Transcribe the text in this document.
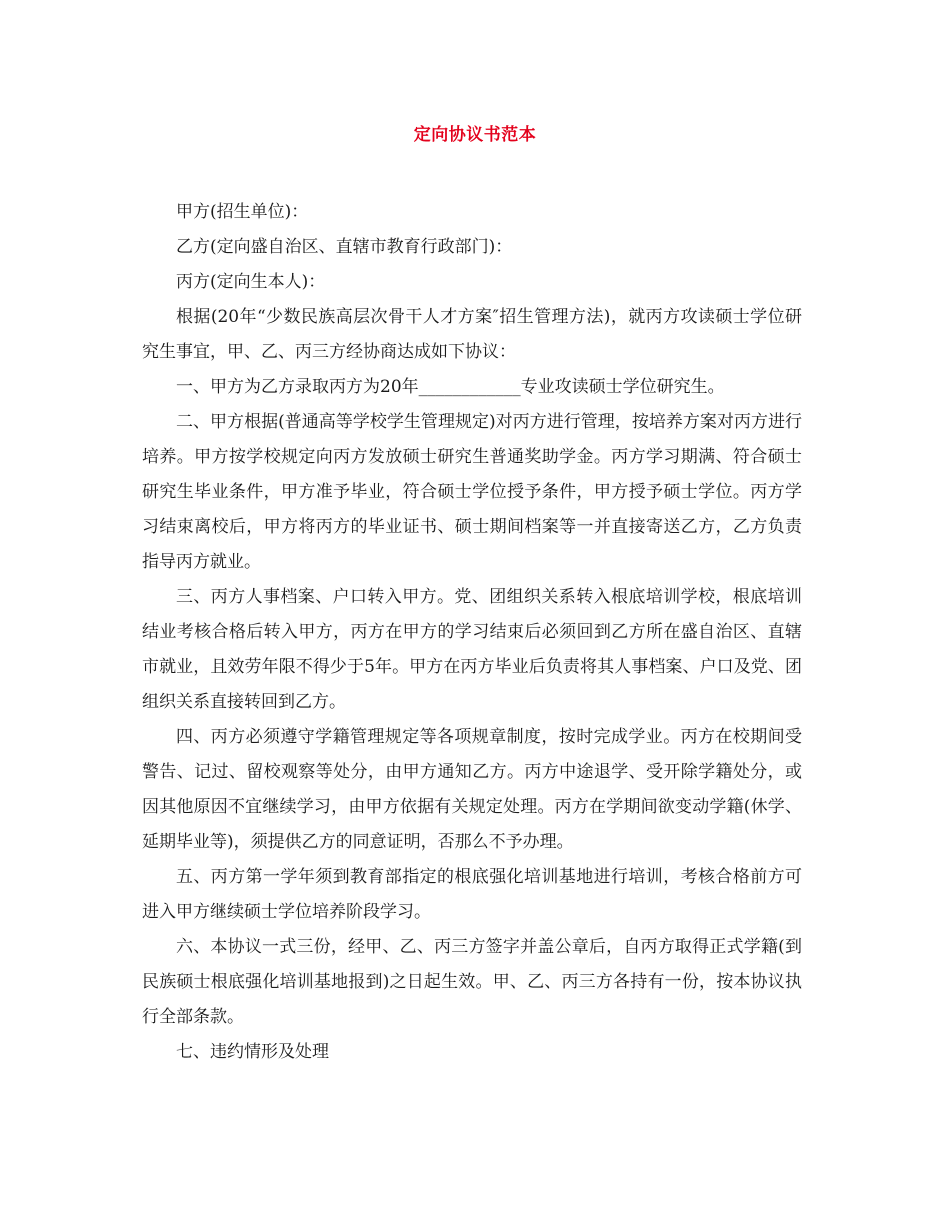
定向协议书范本

甲方(招生单位)：

乙方(定向盛自治区、直辖市教育行政部门)：

丙方(定向生本人)：

根据(20年“少数民族高层次骨干人才方案″招生管理方法)，就丙方攻读硕士学位研究生事宜，甲、乙、丙三方经协商达成如下协议：

一、甲方为乙方录取丙方为20年____________专业攻读硕士学位研究生。

二、甲方根据(普通高等学校学生管理规定)对丙方进行管理，按培养方案对丙方进行培养。甲方按学校规定向丙方发放硕士研究生普通奖助学金。丙方学习期满、符合硕士研究生毕业条件，甲方准予毕业，符合硕士学位授予条件，甲方授予硕士学位。丙方学习结束离校后，甲方将丙方的毕业证书、硕士期间档案等一并直接寄送乙方，乙方负责指导丙方就业。

三、丙方人事档案、户口转入甲方。党、团组织关系转入根底培训学校，根底培训结业考核合格后转入甲方，丙方在甲方的学习结束后必须回到乙方所在盛自治区、直辖市就业，且效劳年限不得少于5年。甲方在丙方毕业后负责将其人事档案、户口及党、团组织关系直接转回到乙方。

四、丙方必须遵守学籍管理规定等各项规章制度，按时完成学业。丙方在校期间受警告、记过、留校观察等处分，由甲方通知乙方。丙方中途退学、受开除学籍处分，或因其他原因不宜继续学习，由甲方依据有关规定处理。丙方在学期间欲变动学籍(休学、延期毕业等)，须提供乙方的同意证明，否那么不予办理。

五、丙方第一学年须到教育部指定的根底强化培训基地进行培训，考核合格前方可进入甲方继续硕士学位培养阶段学习。

六、本协议一式三份，经甲、乙、丙三方签字并盖公章后，自丙方取得正式学籍(到民族硕士根底强化培训基地报到)之日起生效。甲、乙、丙三方各持有一份，按本协议执行全部条款。

七、违约情形及处理
